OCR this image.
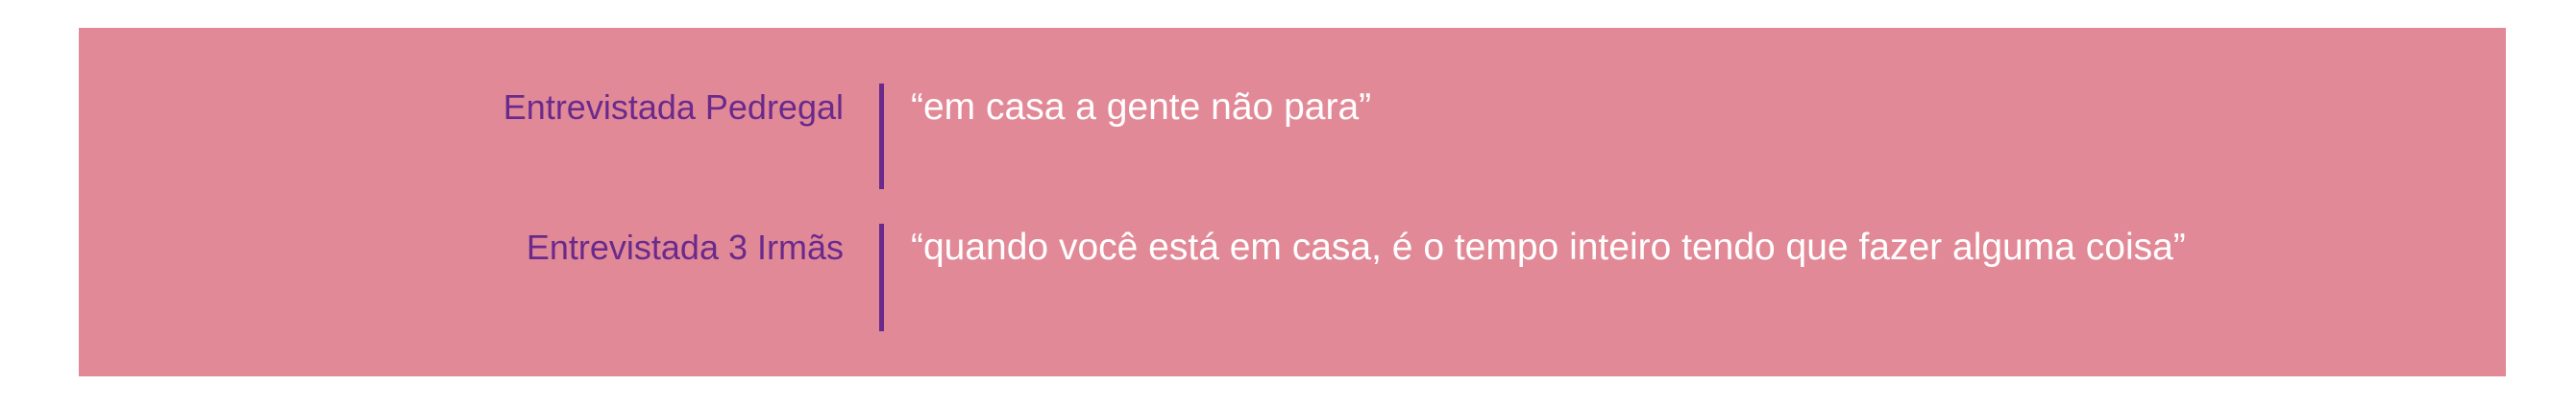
Entrevistada Pedregal “em casa a gente não para”
Entrevistada 3 Irmãs “quando você está em casa, é o tempo inteiro tendo que fazer alguma coisa”
